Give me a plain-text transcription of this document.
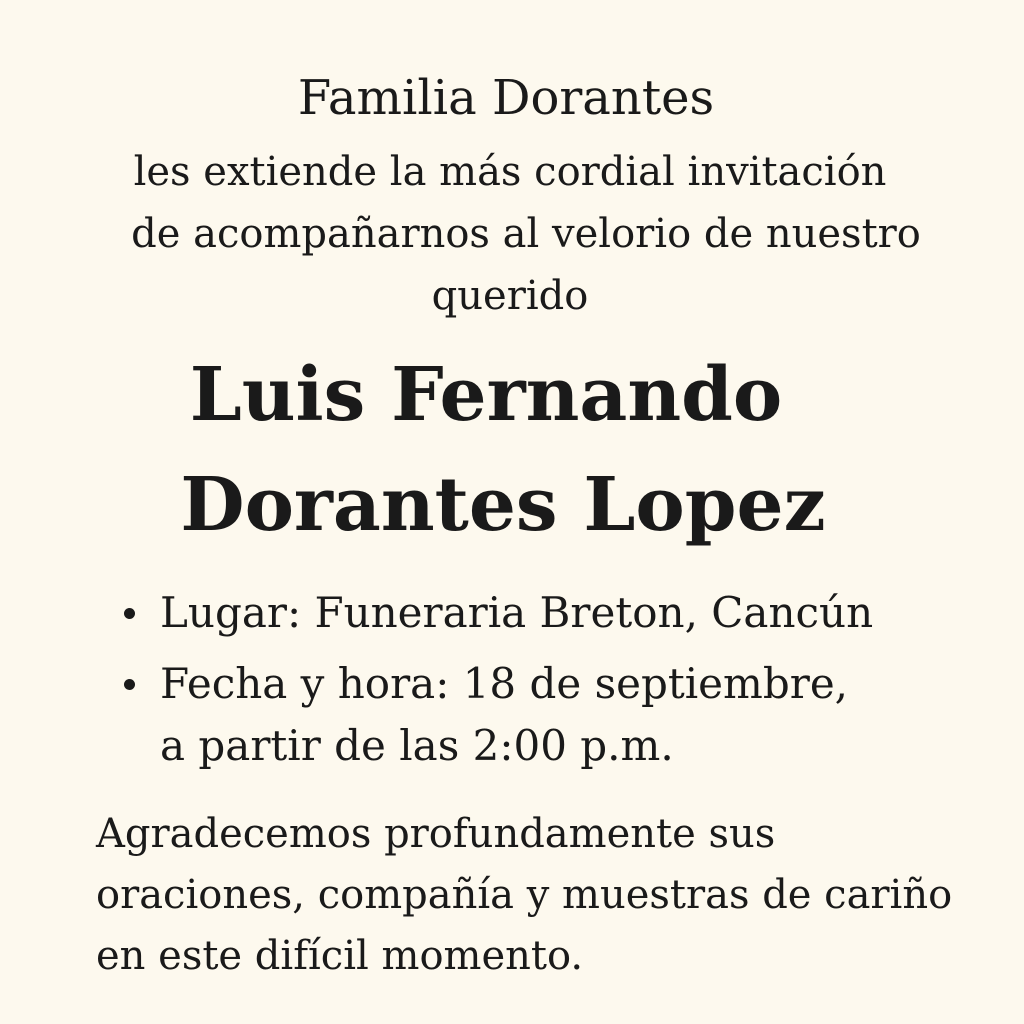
Familia Dorantes
les extiende la más cordial invitación
de acompañarnos al velorio de nuestro
querido
Luis Fernando
Dorantes Lopez
Lugar: Funeraria Breton, Cancún
Fecha y hora: 18 de septiembre,
a partir de las 2:00 p.m.
Agradecemos profundamente sus
oraciones, compañía y muestras de cariño
en este difícil momento.
